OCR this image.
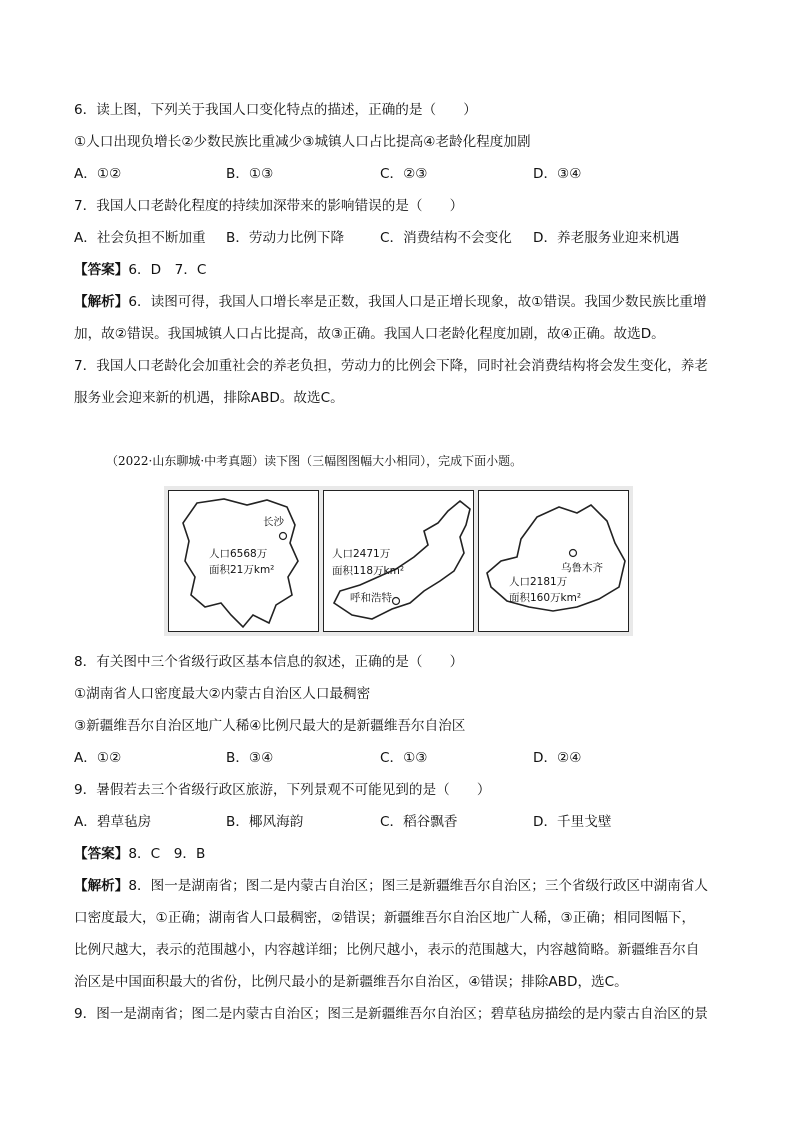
6．读上图，下列关于我国人口变化特点的描述，正确的是（　　）
①人口出现负增长②少数民族比重减少③城镇人口占比提高④老龄化程度加剧
A．①②	B．①③	C．②③	D．③④
7．我国人口老龄化程度的持续加深带来的影响错误的是（　　）
A．社会负担不断加重 B．劳动力比例下降	C．消费结构不会变化 D．养老服务业迎来机遇
【答案】6．D　7．C
【解析】6．读图可得，我国人口增长率是正数，我国人口是正增长现象，故①错误。我国少数民族比重增
加，故②错误。我国城镇人口占比提高，故③正确。我国人口老龄化程度加剧，故④正确。故选D。
7．我国人口老龄化会加重社会的养老负担，劳动力的比例会下降，同时社会消费结构将会发生变化，养老
服务业会迎来新的机遇，排除ABD。故选C。
（2022·山东聊城·中考真题）读下图（三幅图图幅大小相同），完成下面小题。
长沙
人口6568万
面积21万km²
人口2471万
面积118万km²
呼和浩特
乌鲁木齐
人口2181万
面积160万km²
8．有关图中三个省级行政区基本信息的叙述，正确的是（　　）
①湖南省人口密度最大②内蒙古自治区人口最稠密
③新疆维吾尔自治区地广人稀④比例尺最大的是新疆维吾尔自治区
A．①②	B．③④	C．①③	D．②④
9．暑假若去三个省级行政区旅游，下列景观不可能见到的是（　　）
A．碧草毡房	B．椰风海韵	C．稻谷飘香	D．千里戈壁
【答案】8．C　9．B
【解析】8．图一是湖南省；图二是内蒙古自治区；图三是新疆维吾尔自治区；三个省级行政区中湖南省人
口密度最大，①正确；湖南省人口最稠密，②错误；新疆维吾尔自治区地广人稀，③正确；相同图幅下，
比例尺越大，表示的范围越小，内容越详细；比例尺越小，表示的范围越大，内容越简略。新疆维吾尔自
治区是中国面积最大的省份，比例尺最小的是新疆维吾尔自治区，④错误；排除ABD，选C。
9．图一是湖南省；图二是内蒙古自治区；图三是新疆维吾尔自治区；碧草毡房描绘的是内蒙古自治区的景
